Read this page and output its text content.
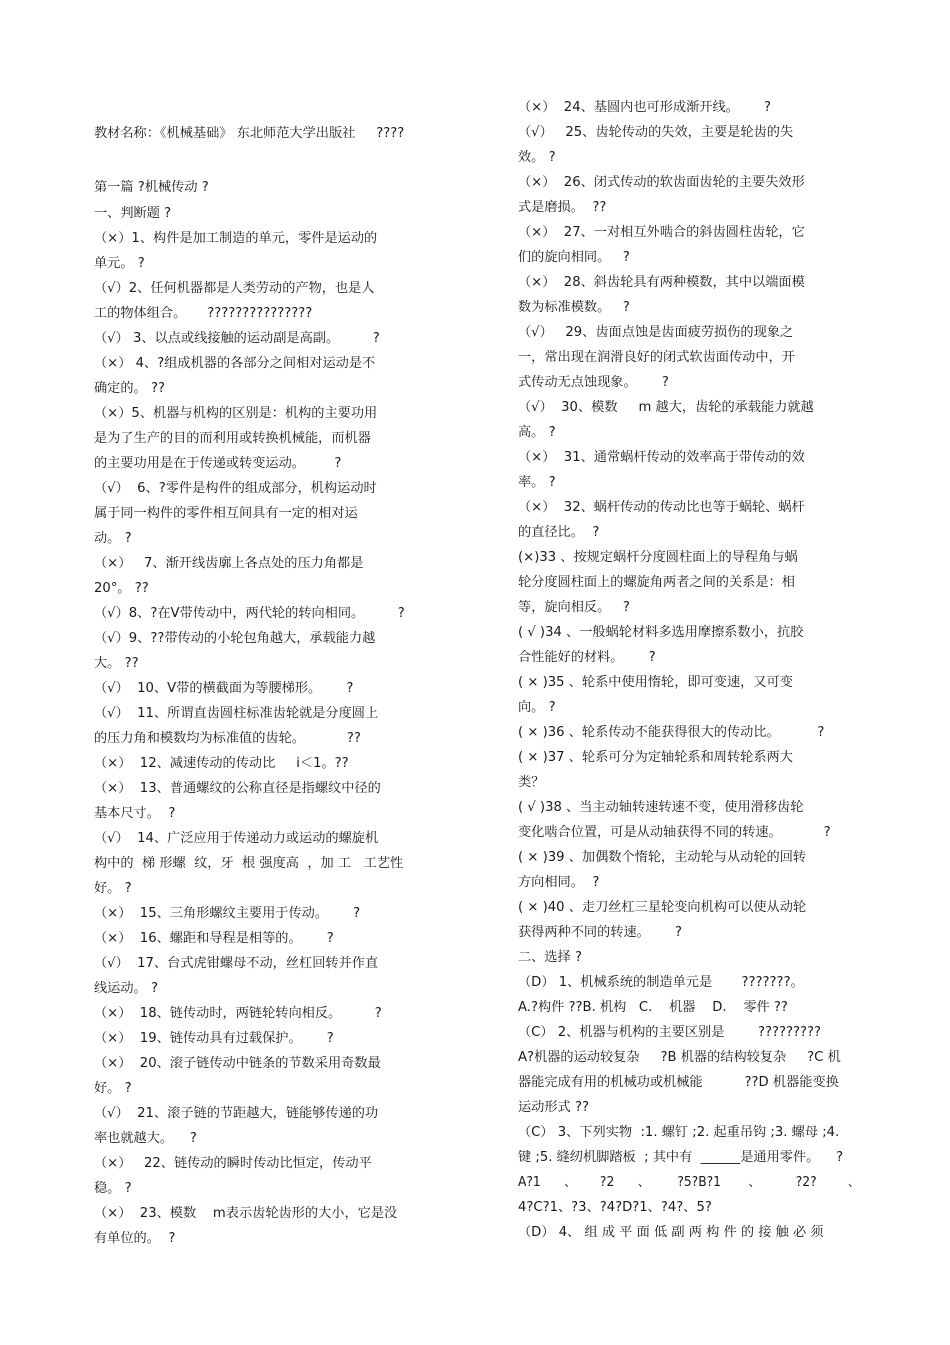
教材名称：《机械基础》 东北师范大学出版社     ????
第一篇 ?机械传动 ?
一、判断题 ?
（×）1、构件是加工制造的单元，零件是运动的
单元。 ?
（√）2、任何机器都是人类劳动的产物，也是人
工的物体组合。     ???????????????
（√） 3、以点或线接触的运动副是高副。        ?
（×） 4、?组成机器的各部分之间相对运动是不
确定的。 ??
（×）5、机器与机构的区别是：机构的主要功用
是为了生产的目的而利用或转换机械能，而机器
的主要功用是在于传递或转变运动。       ?
（√）  6、?零件是构件的组成部分，机构运动时
属于同一构件的零件相互间具有一定的相对运
动。 ?
（×）   7、渐开线齿廓上各点处的压力角都是
20°。 ??
（√）8、?在V带传动中，两代轮的转向相同。        ?
（√）9、??带传动的小轮包角越大，承载能力越
大。 ??
（√）  10、V带的横截面为等腰梯形。      ?
（√）  11、所谓直齿圆柱标准齿轮就是分度圆上
的压力角和模数均为标准值的齿轮。          ??
（×）  12、减速传动的传动比     i＜1。??
（×）  13、普通螺纹的公称直径是指螺纹中径的
基本尺寸。  ?
（√）  14、广泛应用于传递动力或运动的螺旋机
构中的  梯 形螺  纹，牙  根 强度高  ，加 工   工艺性
好。 ?
（×）  15、三角形螺纹主要用于传动。      ?
（×）  16、螺距和导程是相等的。      ?
（√）  17、台式虎钳螺母不动，丝杠回转并作直
线运动。 ?
（×）  18、链传动时，两链轮转向相反。        ?
（×）  19、链传动具有过载保护。      ?
（×）  20、滚子链传动中链条的节数采用奇数最
好。 ?
（√）  21、滚子链的节距越大，链能够传递的功
率也就越大。    ?
（×）   22、链传动的瞬时传动比恒定，传动平
稳。 ?
（×）  23、模数    m表示齿轮齿形的大小，它是没
有单位的。  ?
（×）  24、基圆内也可形成渐开线。      ?
（√）   25、齿轮传动的失效，主要是轮齿的失
效。 ?
（×）  26、闭式传动的软齿面齿轮的主要失效形
式是磨损。  ??
（×）  27、一对相互外啮合的斜齿圆柱齿轮，它
们的旋向相同。   ?
（×）  28、斜齿轮具有两种模数，其中以端面模
数为标准模数。   ?
（√）   29、齿面点蚀是齿面疲劳损伤的现象之
一，常出现在润滑良好的闭式软齿面传动中，开
式传动无点蚀现象。      ?
（√）  30、模数     m 越大，齿轮的承载能力就越
高。 ?
（×）  31、通常蜗杆传动的效率高于带传动的效
率。 ?
（×）  32、蜗杆传动的传动比也等于蜗轮、蜗杆
的直径比。  ?
(×)33 、按规定蜗杆分度圆柱面上的导程角与蜗
轮分度圆柱面上的螺旋角两者之间的关系是：相
等，旋向相反。   ?
( √ )34 、一般蜗轮材料多选用摩擦系数小，抗胶
合性能好的材料。      ?
( × )35 、轮系中使用惰轮，即可变速，又可变
向。 ?
( × )36 、轮系传动不能获得很大的传动比。         ?
( × )37 、轮系可分为定轴轮系和周转轮系两大
类？
( √ )38 、当主动轴转速转速不变，使用滑移齿轮
变化啮合位置，可是从动轴获得不同的转速。          ?
( × )39 、加偶数个惰轮，主动轮与从动轮的回转
方向相同。  ?
( × )40 、走刀丝杠三星轮变向机构可以使从动轮
获得两种不同的转速。      ?
二、选择 ?
（D） 1、机械系统的制造单元是       ???????。
A.?构件 ??B. 机构   C.    机器    D.    零件 ??
（C） 2、机器与机构的主要区别是        ?????????
A?机器的运动较复杂     ?B 机器的结构较复杂     ?C 机
器能完成有用的机械功或机械能          ??D 机器能变换
运动形式 ??
（C） 3、下列实物  :1. 螺钉 ;2. 起重吊钩 ;3. 螺母 ;4.
键 ;5. 缝纫机脚踏板  ; 其中有  ______是通用零件。    ?
A?1      、      ?2      、       ?5?B?1       、         ?2?        、
4?C?1、?3、?4?D?1、?4?、5?
（D） 4、 组 成 平 面 低 副 两 构 件 的 接 触 必 须
